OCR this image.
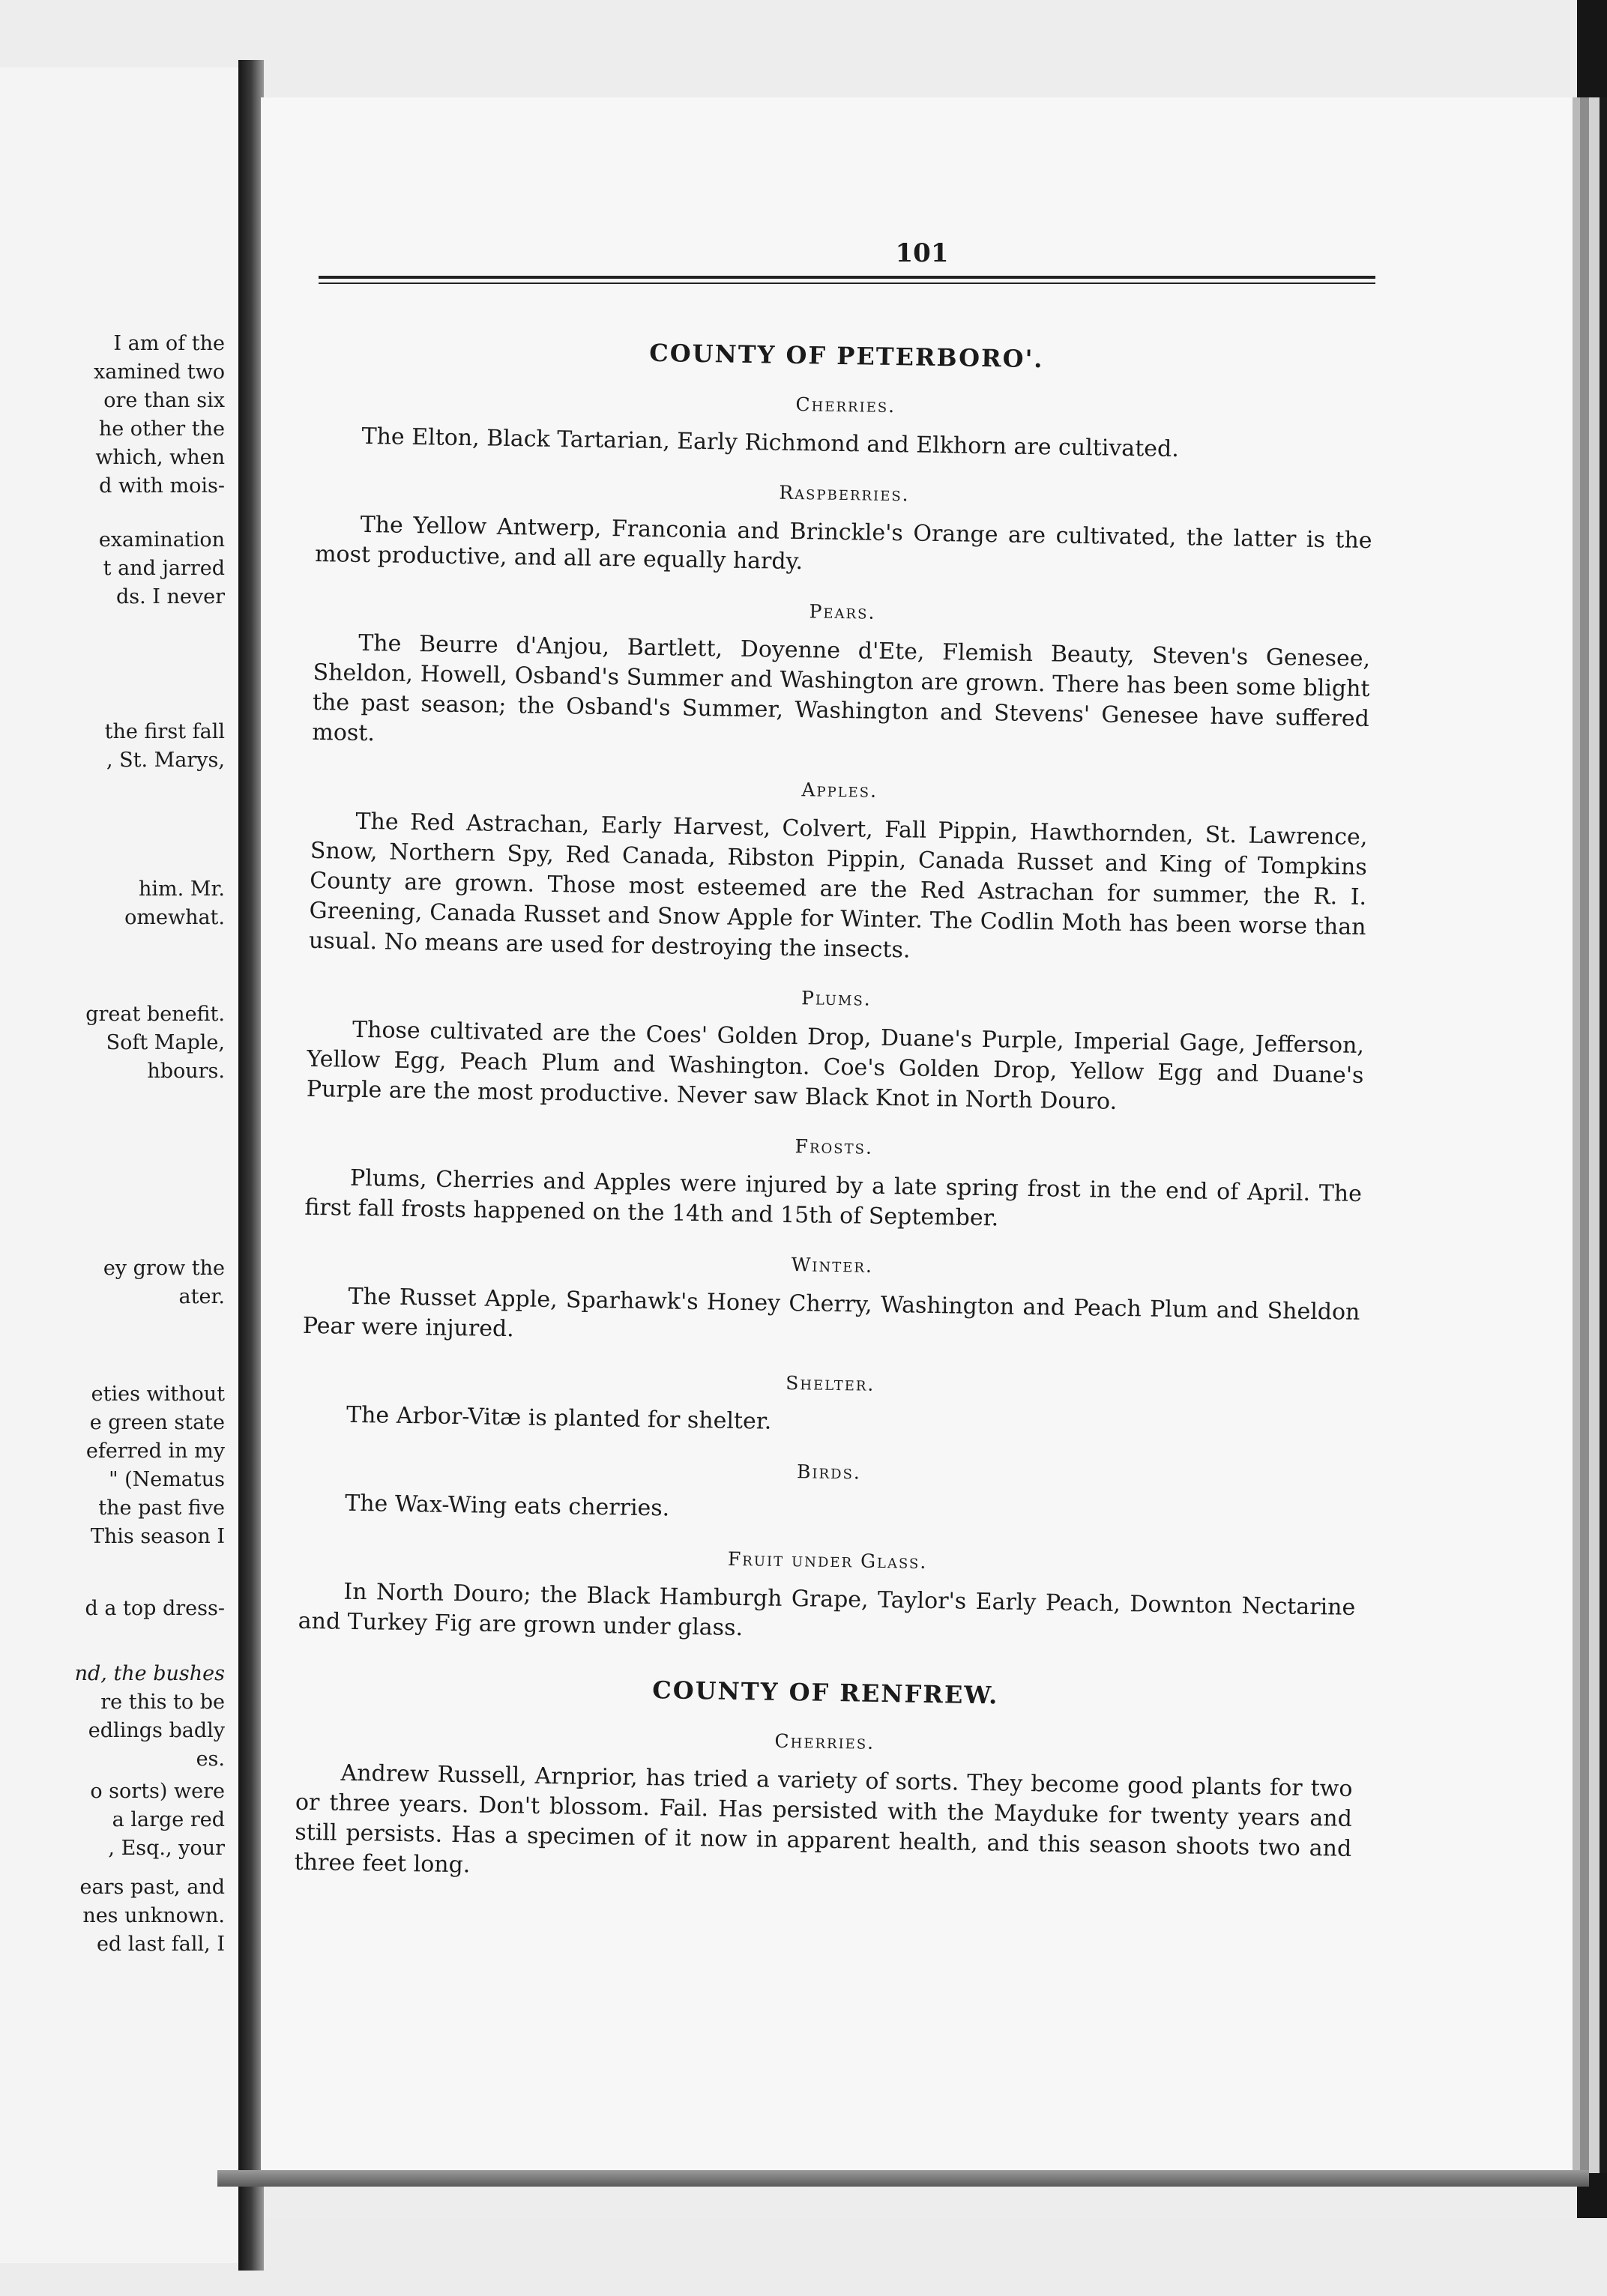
I am of the
xamined two
ore than six
he other the
which, when
d with mois-
examination
t and jarred
ds. I never
the first fall
, St. Marys,
him. Mr.
omewhat.
great benefit.
Soft Maple,
hbours.
ey grow the
ater.
eties without
e green state
eferred in my
" (Nematus
the past five
This season I
d a top dress-
nd, the bushes
re this to be
edlings badly
es.
o sorts) were
a large red
, Esq., your
ears past, and
nes unknown.
ed last fall, I
101
COUNTY OF PETERBORO'.
Cherries.

The Elton, Black Tartarian, Early Richmond and Elkhorn are cultivated.

Raspberries.

The Yellow Antwerp, Franconia and Brinckle's Orange are cultivated, the latter is the most productive, and all are equally hardy.

Pears.

The Beurre d'Anjou, Bartlett, Doyenne d'Ete, Flemish Beauty, Steven's Genesee, Sheldon, Howell, Osband's Summer and Washington are grown. There has been some blight the past season; the Osband's Summer, Washington and Stevens' Genesee have suffered most.

Apples.

The Red Astrachan, Early Harvest, Colvert, Fall Pippin, Hawthornden, St. Lawrence, Snow, Northern Spy, Red Canada, Ribston Pippin, Canada Russet and King of Tompkins County are grown. Those most esteemed are the Red Astrachan for summer, the R. I. Greening, Canada Russet and Snow Apple for Winter. The Codlin Moth has been worse than usual. No means are used for destroying the insects.

Plums.

Those cultivated are the Coes' Golden Drop, Duane's Purple, Imperial Gage, Jefferson, Yellow Egg, Peach Plum and Washington. Coe's Golden Drop, Yellow Egg and Duane's Purple are the most productive. Never saw Black Knot in North Douro.

Frosts.

Plums, Cherries and Apples were injured by a late spring frost in the end of April. The first fall frosts happened on the 14th and 15th of September.

Winter.

The Russet Apple, Sparhawk's Honey Cherry, Washington and Peach Plum and Sheldon Pear were injured.

Shelter.

The Arbor-Vitæ is planted for shelter.

Birds.

The Wax-Wing eats cherries.

Fruit under Glass.

In North Douro; the Black Hamburgh Grape, Taylor's Early Peach, Downton Nectarine and Turkey Fig are grown under glass.

COUNTY OF RENFREW.
Cherries.

Andrew Russell, Arnprior, has tried a variety of sorts. They become good plants for two or three years. Don't blossom. Fail. Has persisted with the Mayduke for twenty years and still persists. Has a specimen of it now in apparent health, and this season shoots two and three feet long.
